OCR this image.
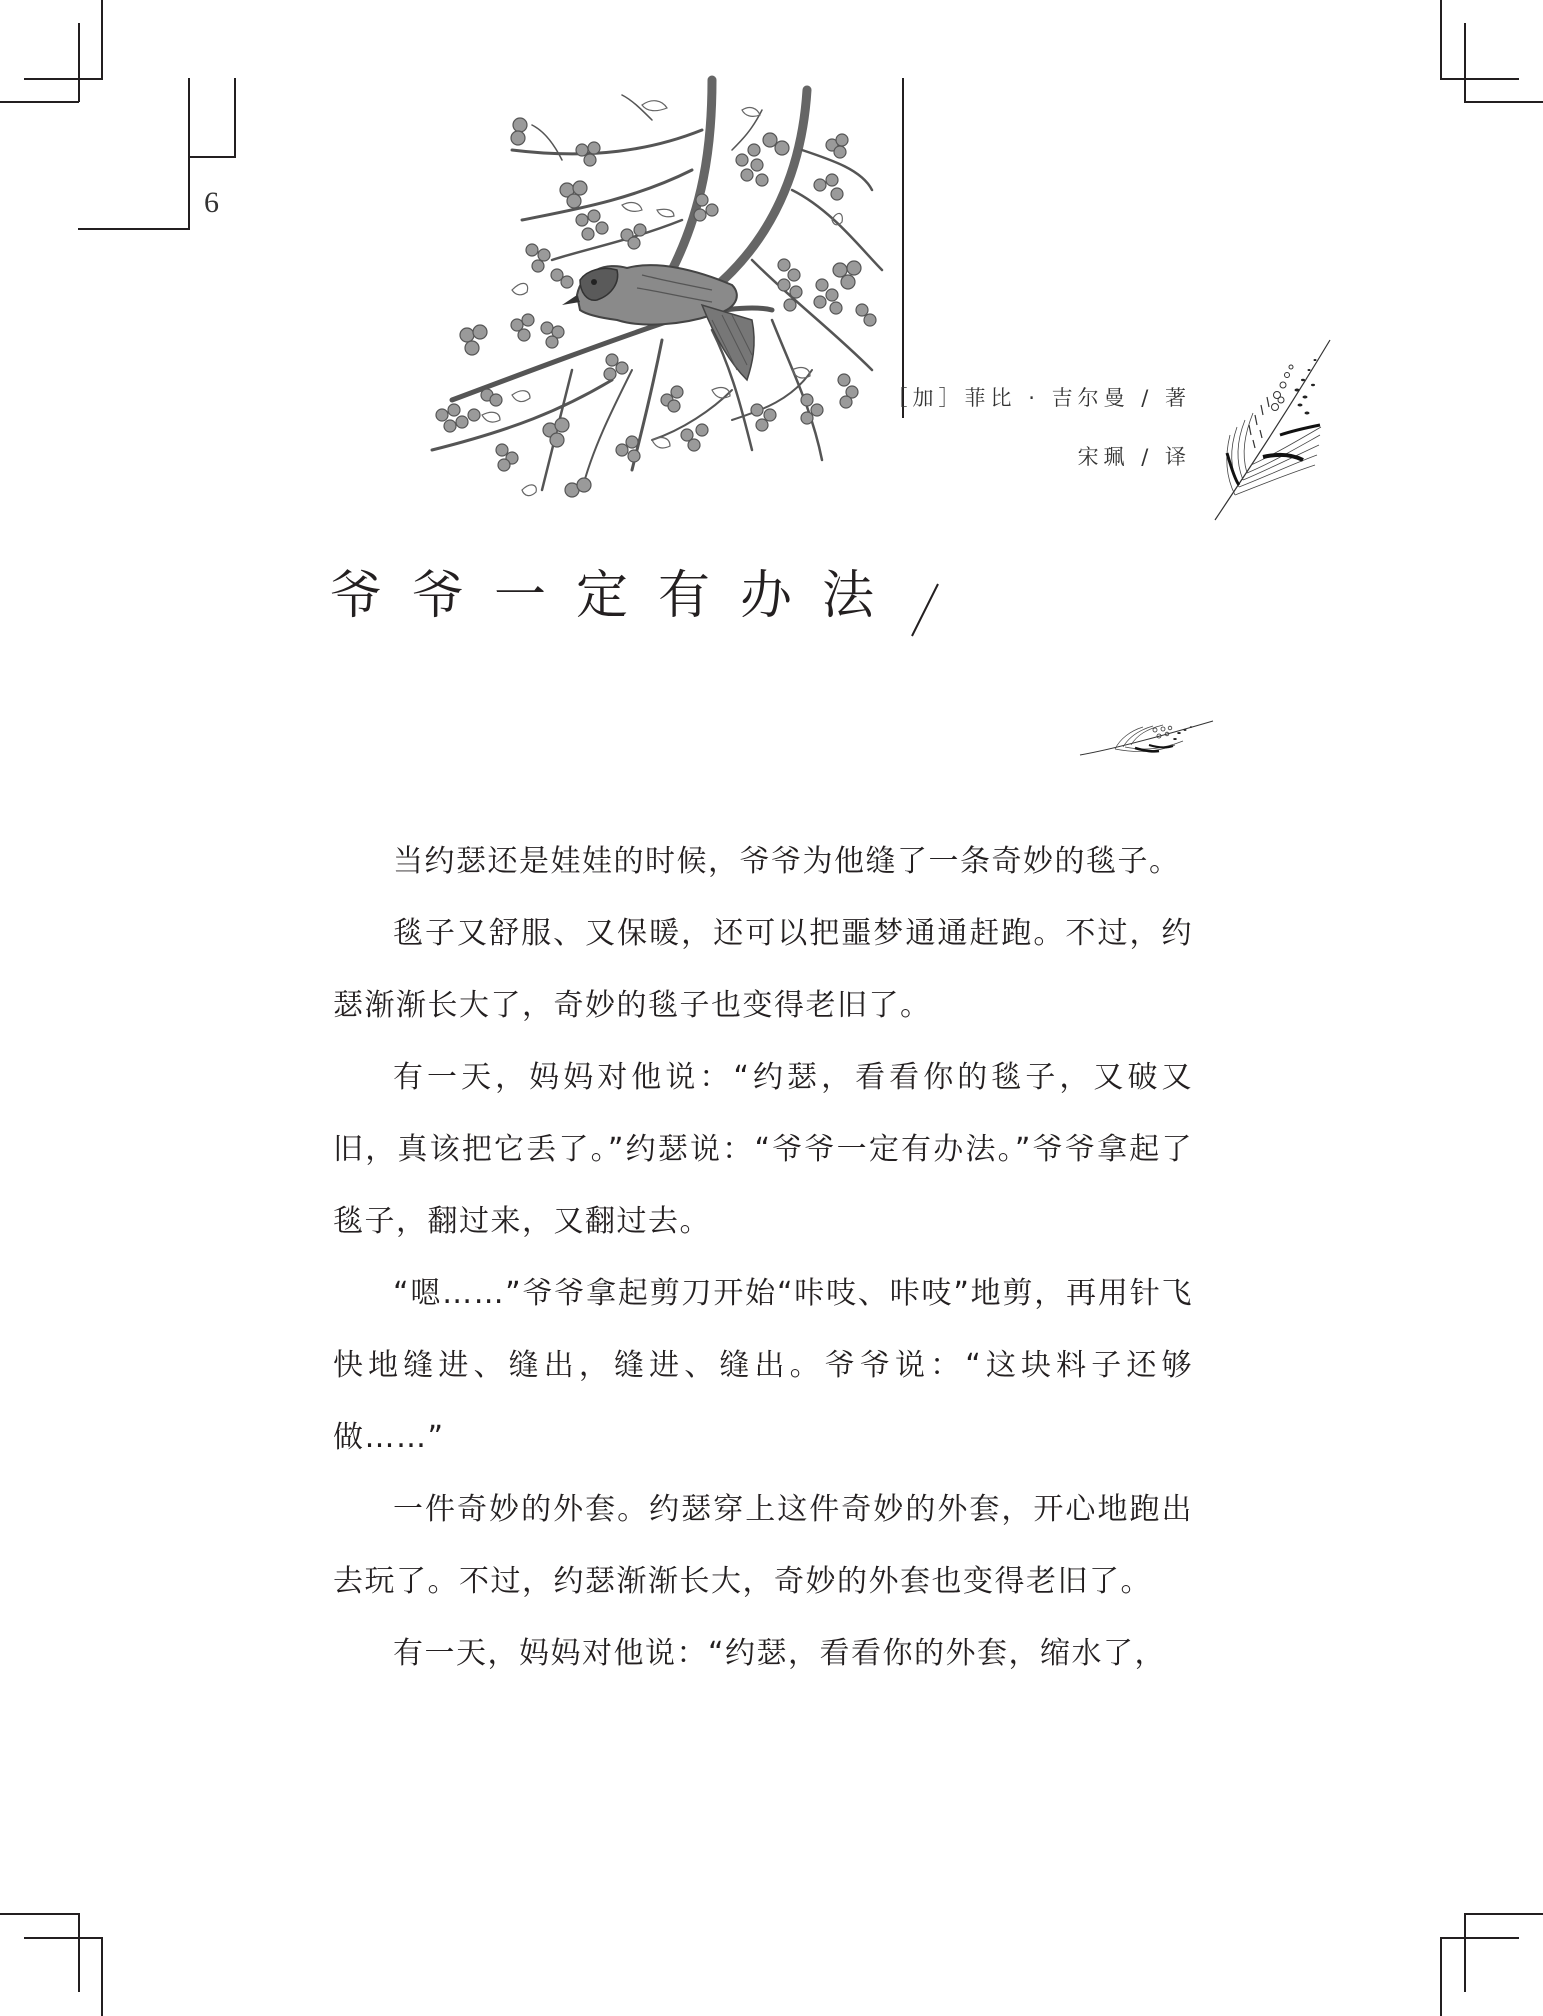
6
［加］菲比 · 吉尔曼 / 著
宋珮 / 译
爷爷一定有办法

当约瑟还是娃娃的时候，爷爷为他缝了一条奇妙的毯子。

毯子又舒服、又保暖，还可以把噩梦通通赶跑。不过，约瑟渐渐长大了，奇妙的毯子也变得老旧了。

有一天，妈妈对他说：“约瑟，看看你的毯子，又破又旧，真该把它丢了。”约瑟说：“爷爷一定有办法。”爷爷拿起了毯子，翻过来，又翻过去。

“嗯……”爷爷拿起剪刀开始“咔吱、咔吱”地剪，再用针飞快地缝进、缝出，缝进、缝出。爷爷说：“这块料子还够做……”

一件奇妙的外套。约瑟穿上这件奇妙的外套，开心地跑出去玩了。不过，约瑟渐渐长大，奇妙的外套也变得老旧了。

有一天，妈妈对他说：“约瑟，看看你的外套，缩水了，
